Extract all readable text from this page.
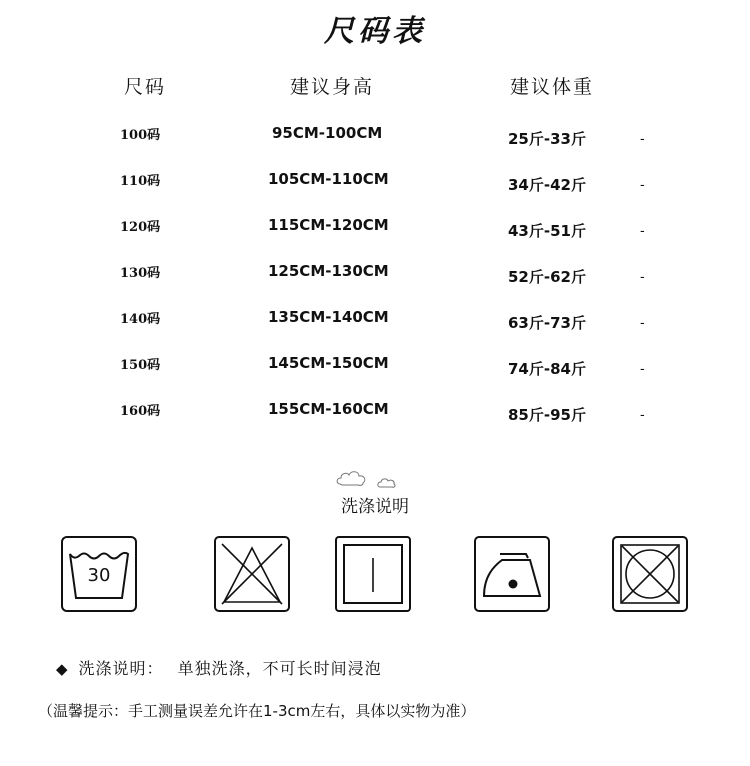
尺码表
尺码	建议身高	建议体重
100码	95CM-100CM	25斤-33斤	-
110码	105CM-110CM	34斤-42斤	-
120码	115CM-120CM	43斤-51斤	-
130码	125CM-130CM	52斤-62斤	-
140码	135CM-140CM	63斤-73斤	-
150码	145CM-150CM	74斤-84斤	-
160码	155CM-160CM	85斤-95斤	-
洗涤说明
30
◆ 洗涤说明： 单独洗涤，不可长时间浸泡
（温馨提示：手工测量误差允许在1-3cm左右，具体以实物为准）
